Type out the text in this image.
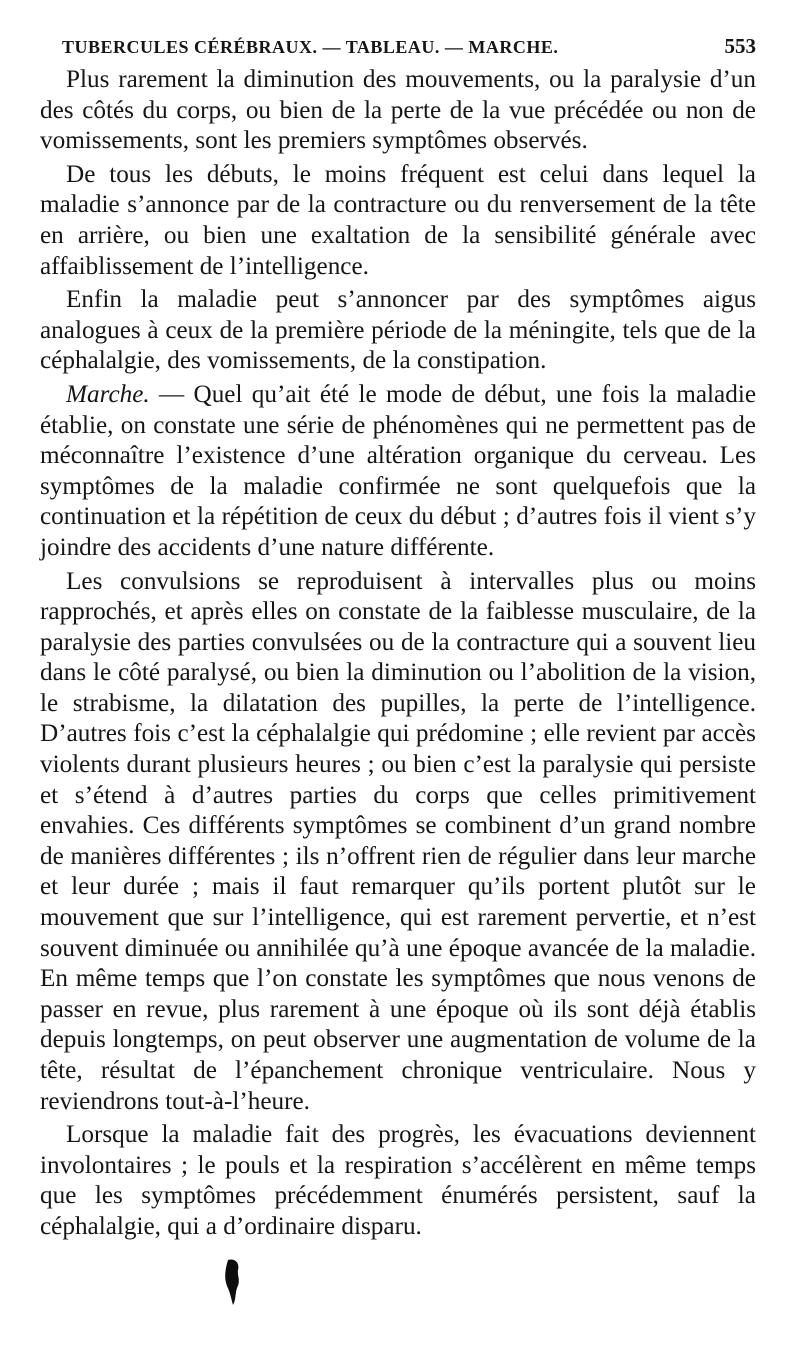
TUBERCULES CÉRÉBRAUX. — TABLEAU. — MARCHE.	553

Plus rarement la diminution des mouvements, ou la paralysie d’un des côtés du corps, ou bien de la perte de la vue précédée ou non de vomissements, sont les premiers symptômes observés.

De tous les débuts, le moins fréquent est celui dans lequel la maladie s’annonce par de la contracture ou du renversement de la tête en arrière, ou bien une exaltation de la sensibilité générale avec affaiblissement de l’intelligence.

Enfin la maladie peut s’annoncer par des symptômes aigus analogues à ceux de la première période de la méningite, tels que de la céphalalgie, des vomissements, de la constipation.

Marche. — Quel qu’ait été le mode de début, une fois la maladie établie, on constate une série de phénomènes qui ne permettent pas de méconnaître l’existence d’une altération organique du cerveau. Les symptômes de la maladie confirmée ne sont quelquefois que la continuation et la répétition de ceux du début ; d’autres fois il vient s’y joindre des accidents d’une nature différente.

Les convulsions se reproduisent à intervalles plus ou moins rapprochés, et après elles on constate de la faiblesse musculaire, de la paralysie des parties convulsées ou de la contracture qui a souvent lieu dans le côté paralysé, ou bien la diminution ou l’abolition de la vision, le strabisme, la dilatation des pupilles, la perte de l’intelligence. D’autres fois c’est la céphalalgie qui prédomine ; elle revient par accès violents durant plusieurs heures ; ou bien c’est la paralysie qui persiste et s’étend à d’autres parties du corps que celles primitivement envahies. Ces différents symptômes se combinent d’un grand nombre de manières différentes ; ils n’offrent rien de régulier dans leur marche et leur durée ; mais il faut remarquer qu’ils portent plutôt sur le mouvement que sur l’intelligence, qui est rarement pervertie, et n’est souvent diminuée ou annihilée qu’à une époque avancée de la maladie. En même temps que l’on constate les symptômes que nous venons de passer en revue, plus rarement à une époque où ils sont déjà établis depuis longtemps, on peut observer une augmentation de volume de la tête, résultat de l’épanchement chronique ventriculaire. Nous y reviendrons tout-à-l’heure.

Lorsque la maladie fait des progrès, les évacuations deviennent involontaires ; le pouls et la respiration s’accélèrent en même temps que les symptômes précédemment énumérés persistent, sauf la céphalalgie, qui a d’ordinaire disparu.
